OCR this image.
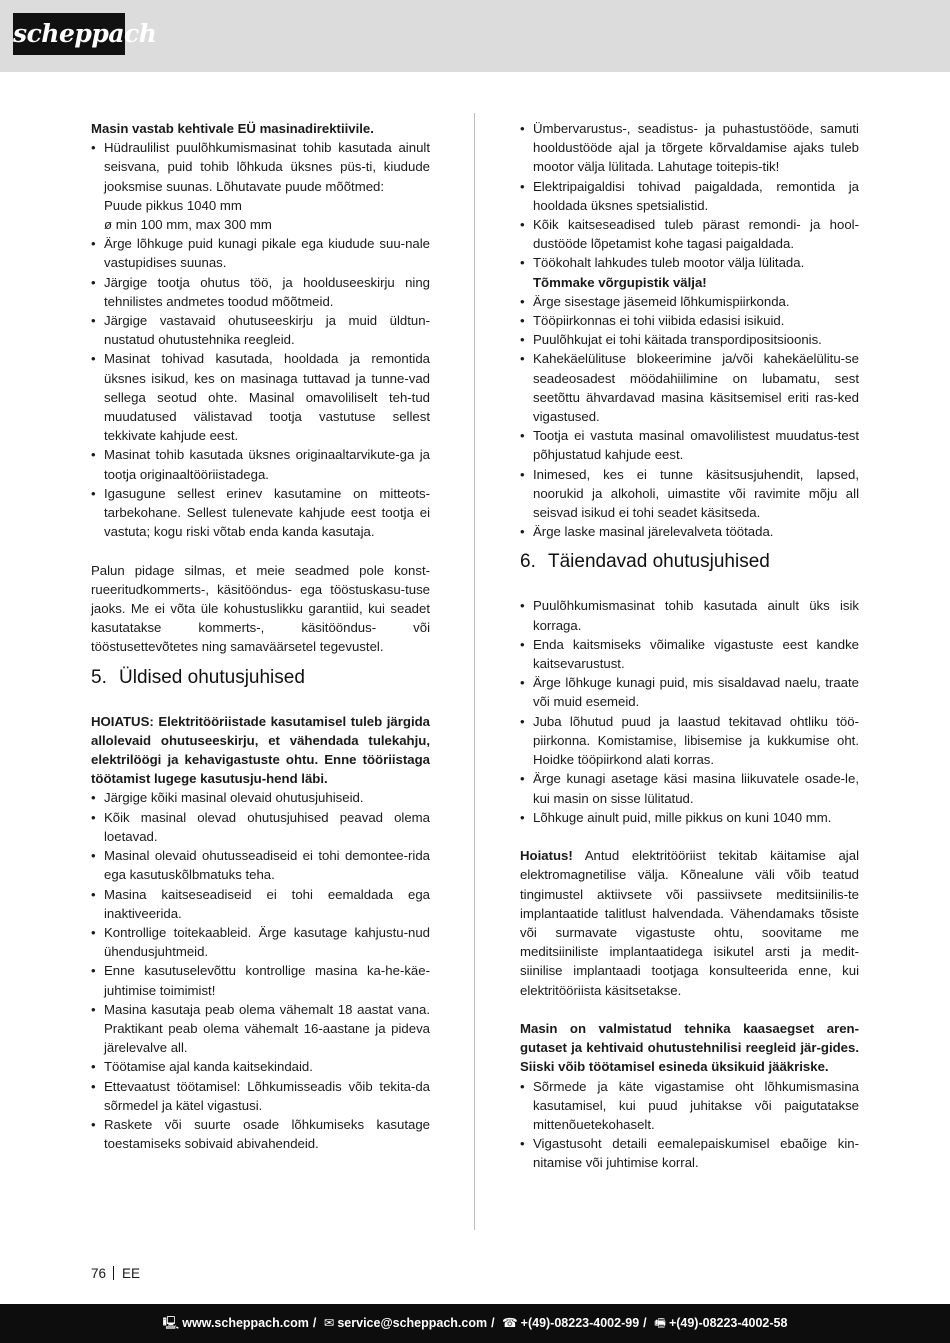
scheppach

Masin vastab kehtivale EÜ masinadirektiivile.

• Hüdraulilist puulõhkumismasinat tohib kasutada ainult seisvana, puid tohib lõhkuda üksnes püs-ti, kiudude jooksmise suunas. Lõhutavate puude mõõtmed:
Puude pikkus 1040 mm
ø min 100 mm, max 300 mm
• Ärge lõhkuge puid kunagi pikale ega kiudude suu-nale vastupidises suunas.
• Järgige tootja ohutus töö, ja hoolduseeskirju ning tehnilistes andmetes toodud mõõtmeid.
• Järgige vastavaid ohutuseeskirju ja muid üldtun-nustatud ohutustehnika reegleid.
• Masinat tohivad kasutada, hooldada ja remontida üksnes isikud, kes on masinaga tuttavad ja tunne-vad sellega seotud ohte. Masinal omavoliliselt teh-tud muudatused välistavad tootja vastutuse sellest tekkivate kahjude eest.
• Masinat tohib kasutada üksnes originaaltarvikute-ga ja tootja originaaltööriistadega.
• Igasugune sellest erinev kasutamine on mitteots-tarbekohane. Sellest tulenevate kahjude eest tootja ei vastuta; kogu riski võtab enda kanda kasutaja.

Palun pidage silmas, et meie seadmed pole konst-rueeritudkommerts-, käsitööndus- ega tööstuskasu-tuse jaoks. Me ei võta üle kohustuslikku garantiid, kui seadet kasutatakse kommerts-, käsitööndus- või tööstusettevõtetes ning samaväärsetel tegevustel.

5. Üldised ohutusjuhised

HOIATUS: Elektritööriistade kasutamisel tuleb järgida allolevaid ohutuseeskirju, et vähendada tulekahju, elektrilöögi ja kehavigastuste ohtu. Enne tööriistaga töötamist lugege kasutusju-hend läbi.

• Järgige kõiki masinal olevaid ohutusjuhiseid.
• Kõik masinal olevad ohutusjuhised peavad olema loetavad.
• Masinal olevaid ohutusseadiseid ei tohi demontee-rida ega kasutuskõlbmatuks teha.
• Masina kaitseseadiseid ei tohi eemaldada ega inaktiveerida.
• Kontrollige toitekaableid. Ärge kasutage kahjustu-nud ühendusjuhtmeid.
• Enne kasutuselevõttu kontrollige masina ka-he-käe-juhtimise toimimist!
• Masina kasutaja peab olema vähemalt 18 aastat vana. Praktikant peab olema vähemalt 16-aastane ja pideva järelevalve all.
• Töötamise ajal kanda kaitsekindaid.
• Ettevaatust töötamisel: Lõhkumisseadis võib tekita-da sõrmedel ja kätel vigastusi.
• Raskete või suurte osade lõhkumiseks kasutage toestamiseks sobivaid abivahendeid.
• Ümbervarustus-, seadistus- ja puhastustööde, samuti hooldustööde ajal ja tõrgete kõrvaldamise ajaks tuleb mootor välja lülitada. Lahutage toitepis-tik!
• Elektripaigaldisi tohivad paigaldada, remontida ja hooldada üksnes spetsialistid.
• Kõik kaitseseadised tuleb pärast remondi- ja hool-dustööde lõpetamist kohe tagasi paigaldada.
• Töökohalt lahkudes tuleb mootor välja lülitada.
Tõmmake võrgupistik välja!
• Ärge sisestage jäsemeid lõhkumispiirkonda.
• Tööpiirkonnas ei tohi viibida edasisi isikuid.
• Puulõhkujat ei tohi käitada transpordipositsioonis.
• Kahekäelülituse blokeerimine ja/või kahekäelülitu-se seadeosadest möödahiilimine on lubamatu, sest seetõttu ähvardavad masina käsitsemisel eriti ras-ked vigastused.
• Tootja ei vastuta masinal omavolilistest muudatus-test põhjustatud kahjude eest.
• Inimesed, kes ei tunne käsitsusjuhendit, lapsed, noorukid ja alkoholi, uimastite või ravimite mõju all seisvad isikud ei tohi seadet käsitseda.
• Ärge laske masinal järelevalveta töötada.
6. Täiendavad ohutusjuhised
• Puulõhkumismasinat tohib kasutada ainult üks isik korraga.
• Enda kaitsmiseks võimalike vigastuste eest kandke kaitsevarustust.
• Ärge lõhkuge kunagi puid, mis sisaldavad naelu, traate või muid esemeid.
• Juba lõhutud puud ja laastud tekitavad ohtliku töö-piirkonna. Komistamise, libisemise ja kukkumise oht. Hoidke tööpiirkond alati korras.
• Ärge kunagi asetage käsi masina liikuvatele osade-le, kui masin on sisse lülitatud.
• Lõhkuge ainult puid, mille pikkus on kuni 1040 mm.

Hoiatus! Antud elektritööriist tekitab käitamise ajal elektromagnetilise välja. Kõnealune väli võib teatud tingimustel aktiivsete või passiivsete meditsiinilis-te implantaatide talitlust halvendada. Vähendamaks tõsiste või surmavate vigastuste ohtu, soovitame me meditsiiniliste implantaatidega isikutel arsti ja medit-siinilise implantaadi tootjaga konsulteerida enne, kui elektritööriista käsitsetakse.

Masin on valmistatud tehnika kaasaegset aren-gutaset ja kehtivaid ohutustehnilisi reegleid jär-gides. Siiski võib töötamisel esineda üksikuid jääkriske.

• Sõrmede ja käte vigastamise oht lõhkumismasina kasutamisel, kui puud juhitakse või paigutatakse mittenõuetekohaselt.
• Vigastusoht detaili eemalepaiskumisel ebaõige kin-nitamise või juhtimise korral.
76 EE
🖳 www.scheppach.com / ✉ service@scheppach.com / ☎ +(49)-08223-4002-99 / 🖷 +(49)-08223-4002-58
